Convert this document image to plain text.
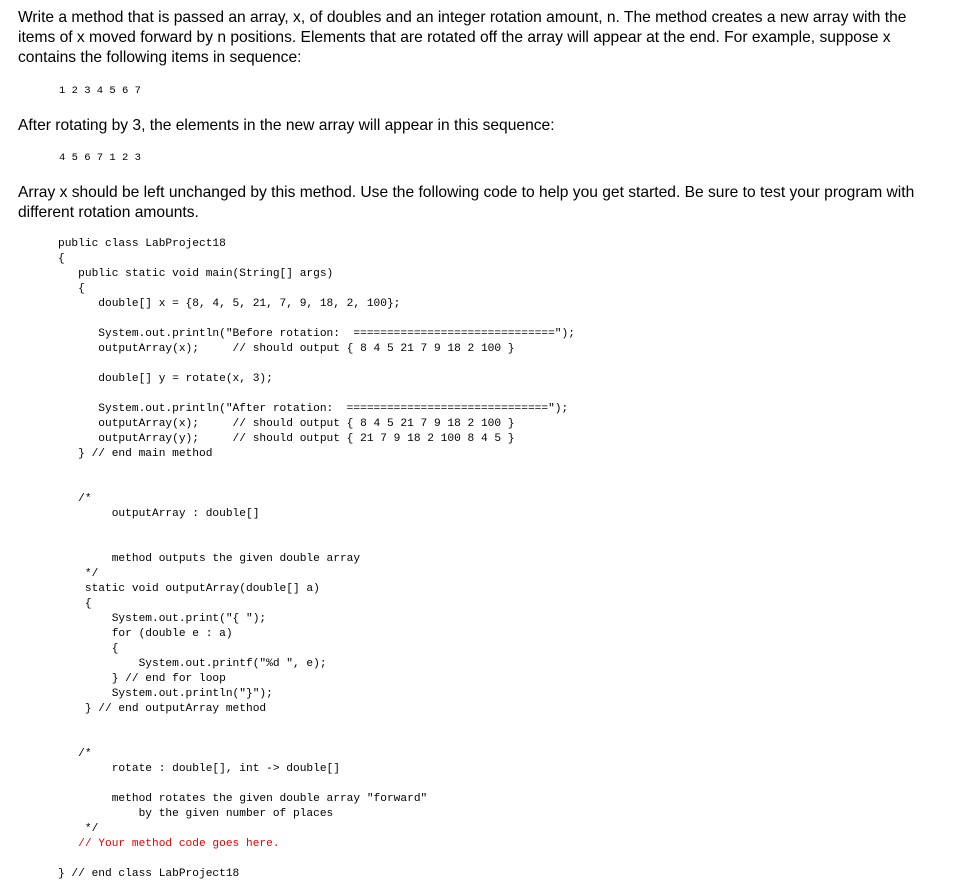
Write a method that is passed an array, x, of doubles and an integer rotation amount, n. The method creates a new array with the items of x moved forward by n positions. Elements that are rotated off the array will appear at the end. For example, suppose x contains the following items in sequence:

1 2 3 4 5 6 7

After rotating by 3, the elements in the new array will appear in this sequence:

4 5 6 7 1 2 3

Array x should be left unchanged by this method. Use the following code to help you get started. Be sure to test your program with different rotation amounts.

public class LabProject18
{
public static void main(String[] args)
{
double[] x = {8, 4, 5, 21, 7, 9, 18, 2, 100};
System.out.println("Before rotation:  ==============================");
outputArray(x);     // should output { 8 4 5 21 7 9 18 2 100 }
double[] y = rotate(x, 3);
System.out.println("After rotation:  ==============================");
outputArray(x);     // should output { 8 4 5 21 7 9 18 2 100 }
outputArray(y);     // should output { 21 7 9 18 2 100 8 4 5 }
} // end main method
/*
outputArray : double[]
method outputs the given double array
*/
static void outputArray(double[] a)
{
System.out.print("{ ");
for (double e : a)
{
System.out.printf("%d ", e);
} // end for loop
System.out.println("}");
} // end outputArray method
/*
rotate : double[], int -> double[]
method rotates the given double array "forward"
by the given number of places
*/
// Your method code goes here.
} // end class LabProject18
